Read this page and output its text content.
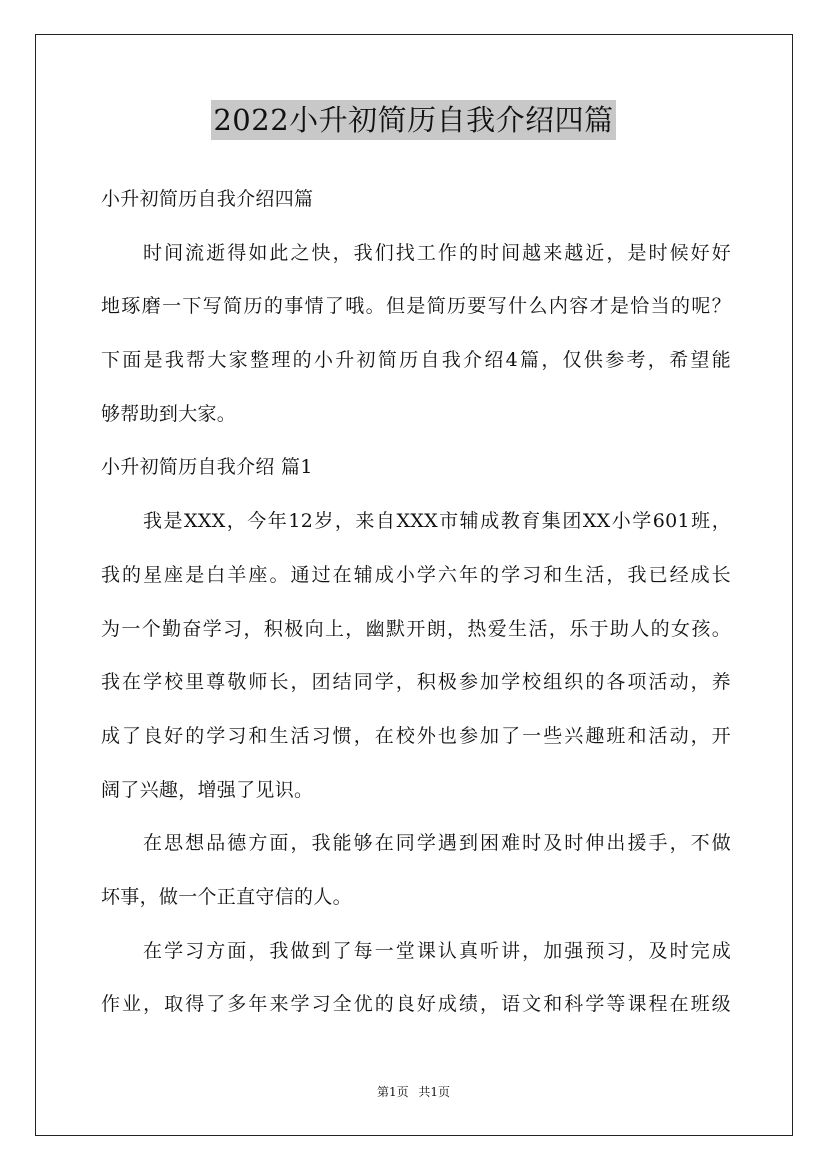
2022小升初简历自我介绍四篇
小升初简历自我介绍四篇
时间流逝得如此之快，我们找工作的时间越来越近，是时候好好
地琢磨一下写简历的事情了哦。但是简历要写什么内容才是恰当的呢？
下面是我帮大家整理的小升初简历自我介绍4篇，仅供参考，希望能
够帮助到大家。
小升初简历自我介绍 篇1
我是XXX，今年12岁，来自XXX市辅成教育集团XX小学601班，
我的星座是白羊座。通过在辅成小学六年的学习和生活，我已经成长
为一个勤奋学习，积极向上，幽默开朗，热爱生活，乐于助人的女孩。
我在学校里尊敬师长，团结同学，积极参加学校组织的各项活动，养
成了良好的学习和生活习惯，在校外也参加了一些兴趣班和活动，开
阔了兴趣，增强了见识。
在思想品德方面，我能够在同学遇到困难时及时伸出援手，不做
坏事，做一个正直守信的人。
在学习方面，我做到了每一堂课认真听讲，加强预习，及时完成
作业，取得了多年来学习全优的良好成绩，语文和科学等课程在班级
第1页 共1页
